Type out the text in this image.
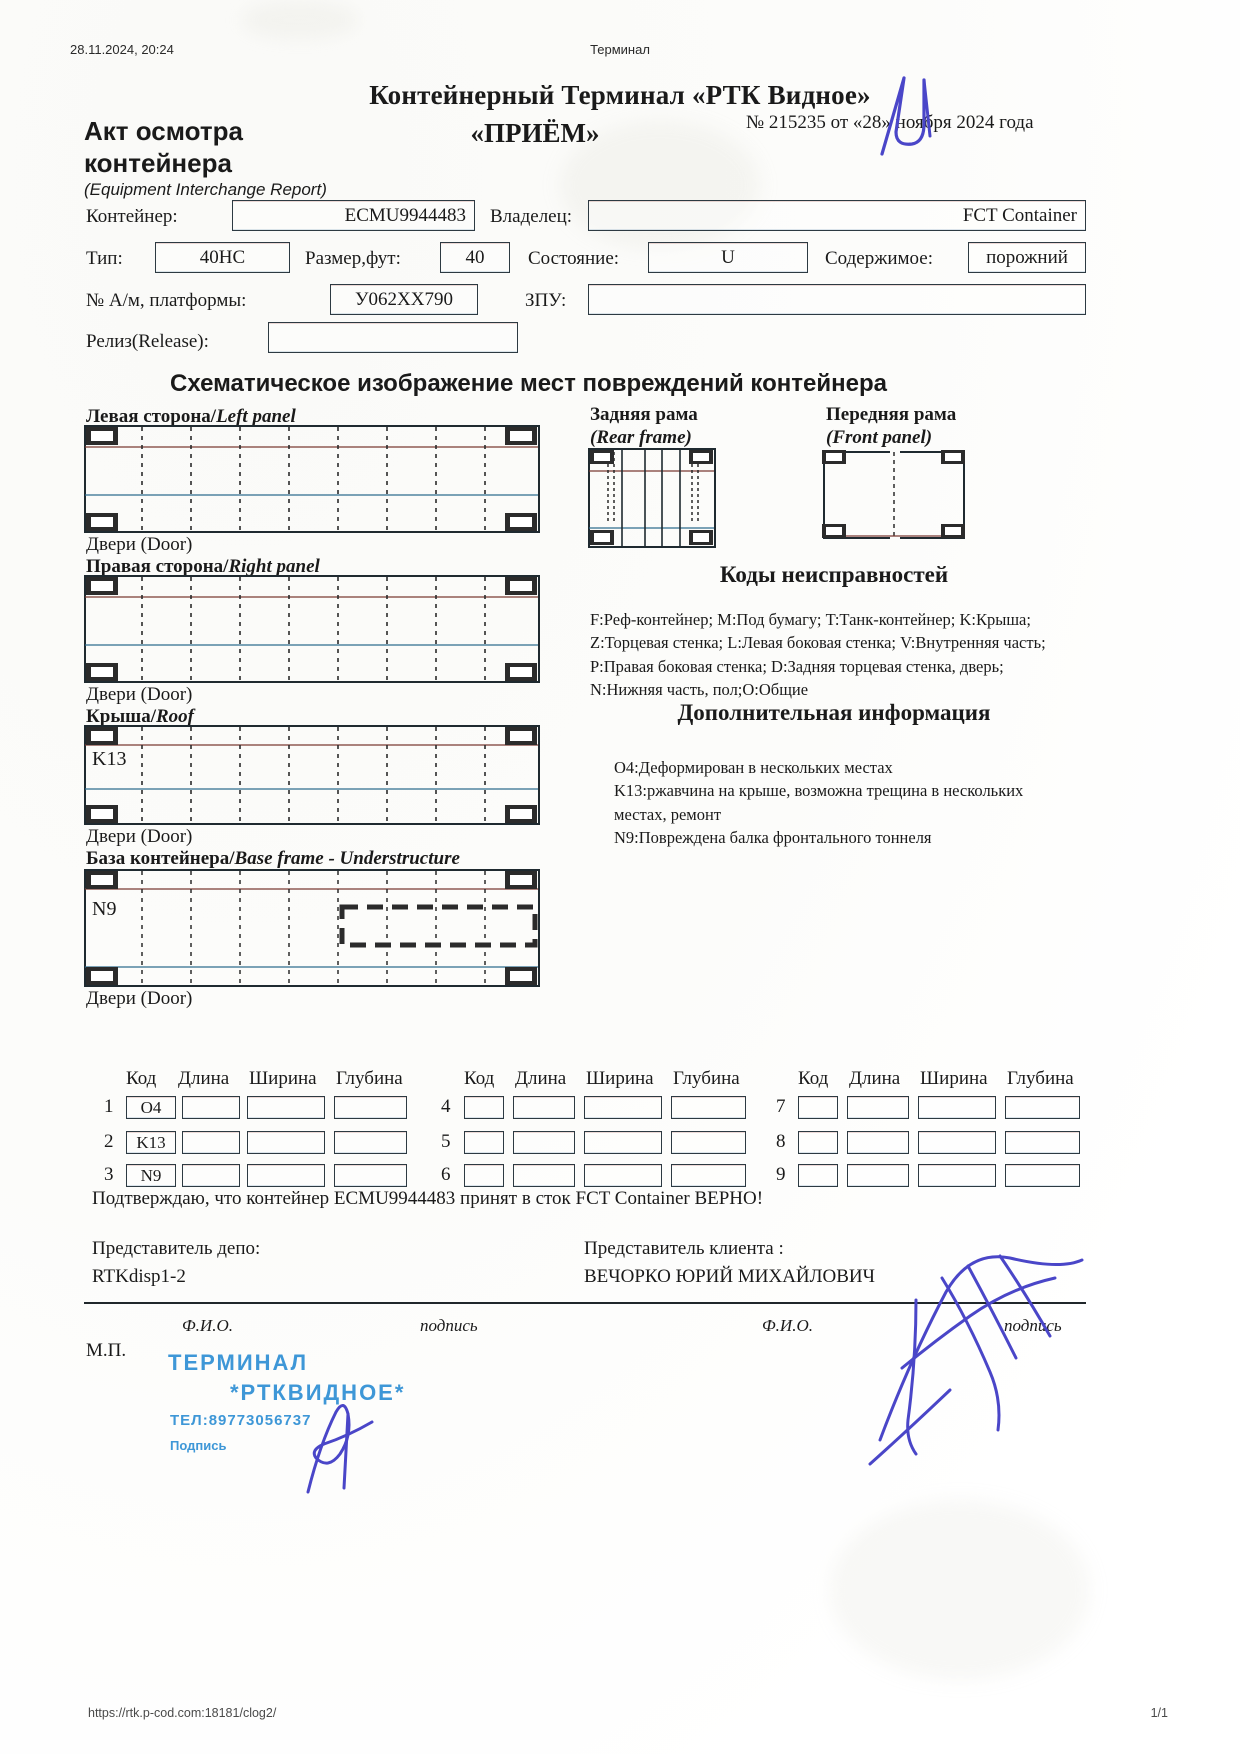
28.11.2024, 20:24	Терминал
https://rtk.p-cod.com:18181/clog2/	1/1
Контейнерный Терминал «РТК Видное»
«ПРИЁМ»	№ 215235 от «28» ноября 2024 года
Акт осмотра
контейнера
(Equipment Interchange Report)
Контейнер:	ECMU9944483	Владелец:	FCT Container
Тип:	40HC	Размер,фут:	40	Состояние:	U	Содержимое:	порожний
№ А/м, платформы:	У062ХХ790	ЗПУ:
Релиз(Release):
Схематическое изображение мест повреждений контейнера
Левая сторона/Left panel
Двери (Door)
Правая сторона/Right panel
Двери (Door)
Крыша/Roof
K13
Двери (Door)
База контейнера/Base frame - Understructure
N9
Двери (Door)
Задняя рама
(Rear frame)
Передняя рама
(Front panel)
Коды неисправностей
F:Реф-контейнер; M:Под бумагу; T:Танк-контейнер; K:Крыша;
Z:Торцевая стенка; L:Левая боковая стенка; V:Внутренняя часть;
P:Правая боковая стенка; D:Задняя торцевая стенка, дверь;
N:Нижняя часть, пол;O:Общие
Дополнительная информация
O4:Деформирован в нескольких местах
K13:ржавчина на крыше, возможна трещина в нескольких
местах, ремонт
N9:Повреждена балка фронтального тоннеля
Код Длина Ширина Глубина
1	O4
2	K13
3	N9
Код Длина Ширина Глубина
4
5
6
Код Длина Ширина Глубина
7
8
9
Подтверждаю, что контейнер ECMU9944483 принят в сток FCT Container ВЕРНО!
Представитель депо:
RTKdisp1-2
Представитель клиента :
ВЕЧОРКО ЮРИЙ МИХАЙЛОВИЧ
Ф.И.О.	подпись	Ф.И.О.	подпись
М.П. ТЕРМИНАЛ
*РТКВИДНОЕ*
ТЕЛ:89773056737
Подпись
